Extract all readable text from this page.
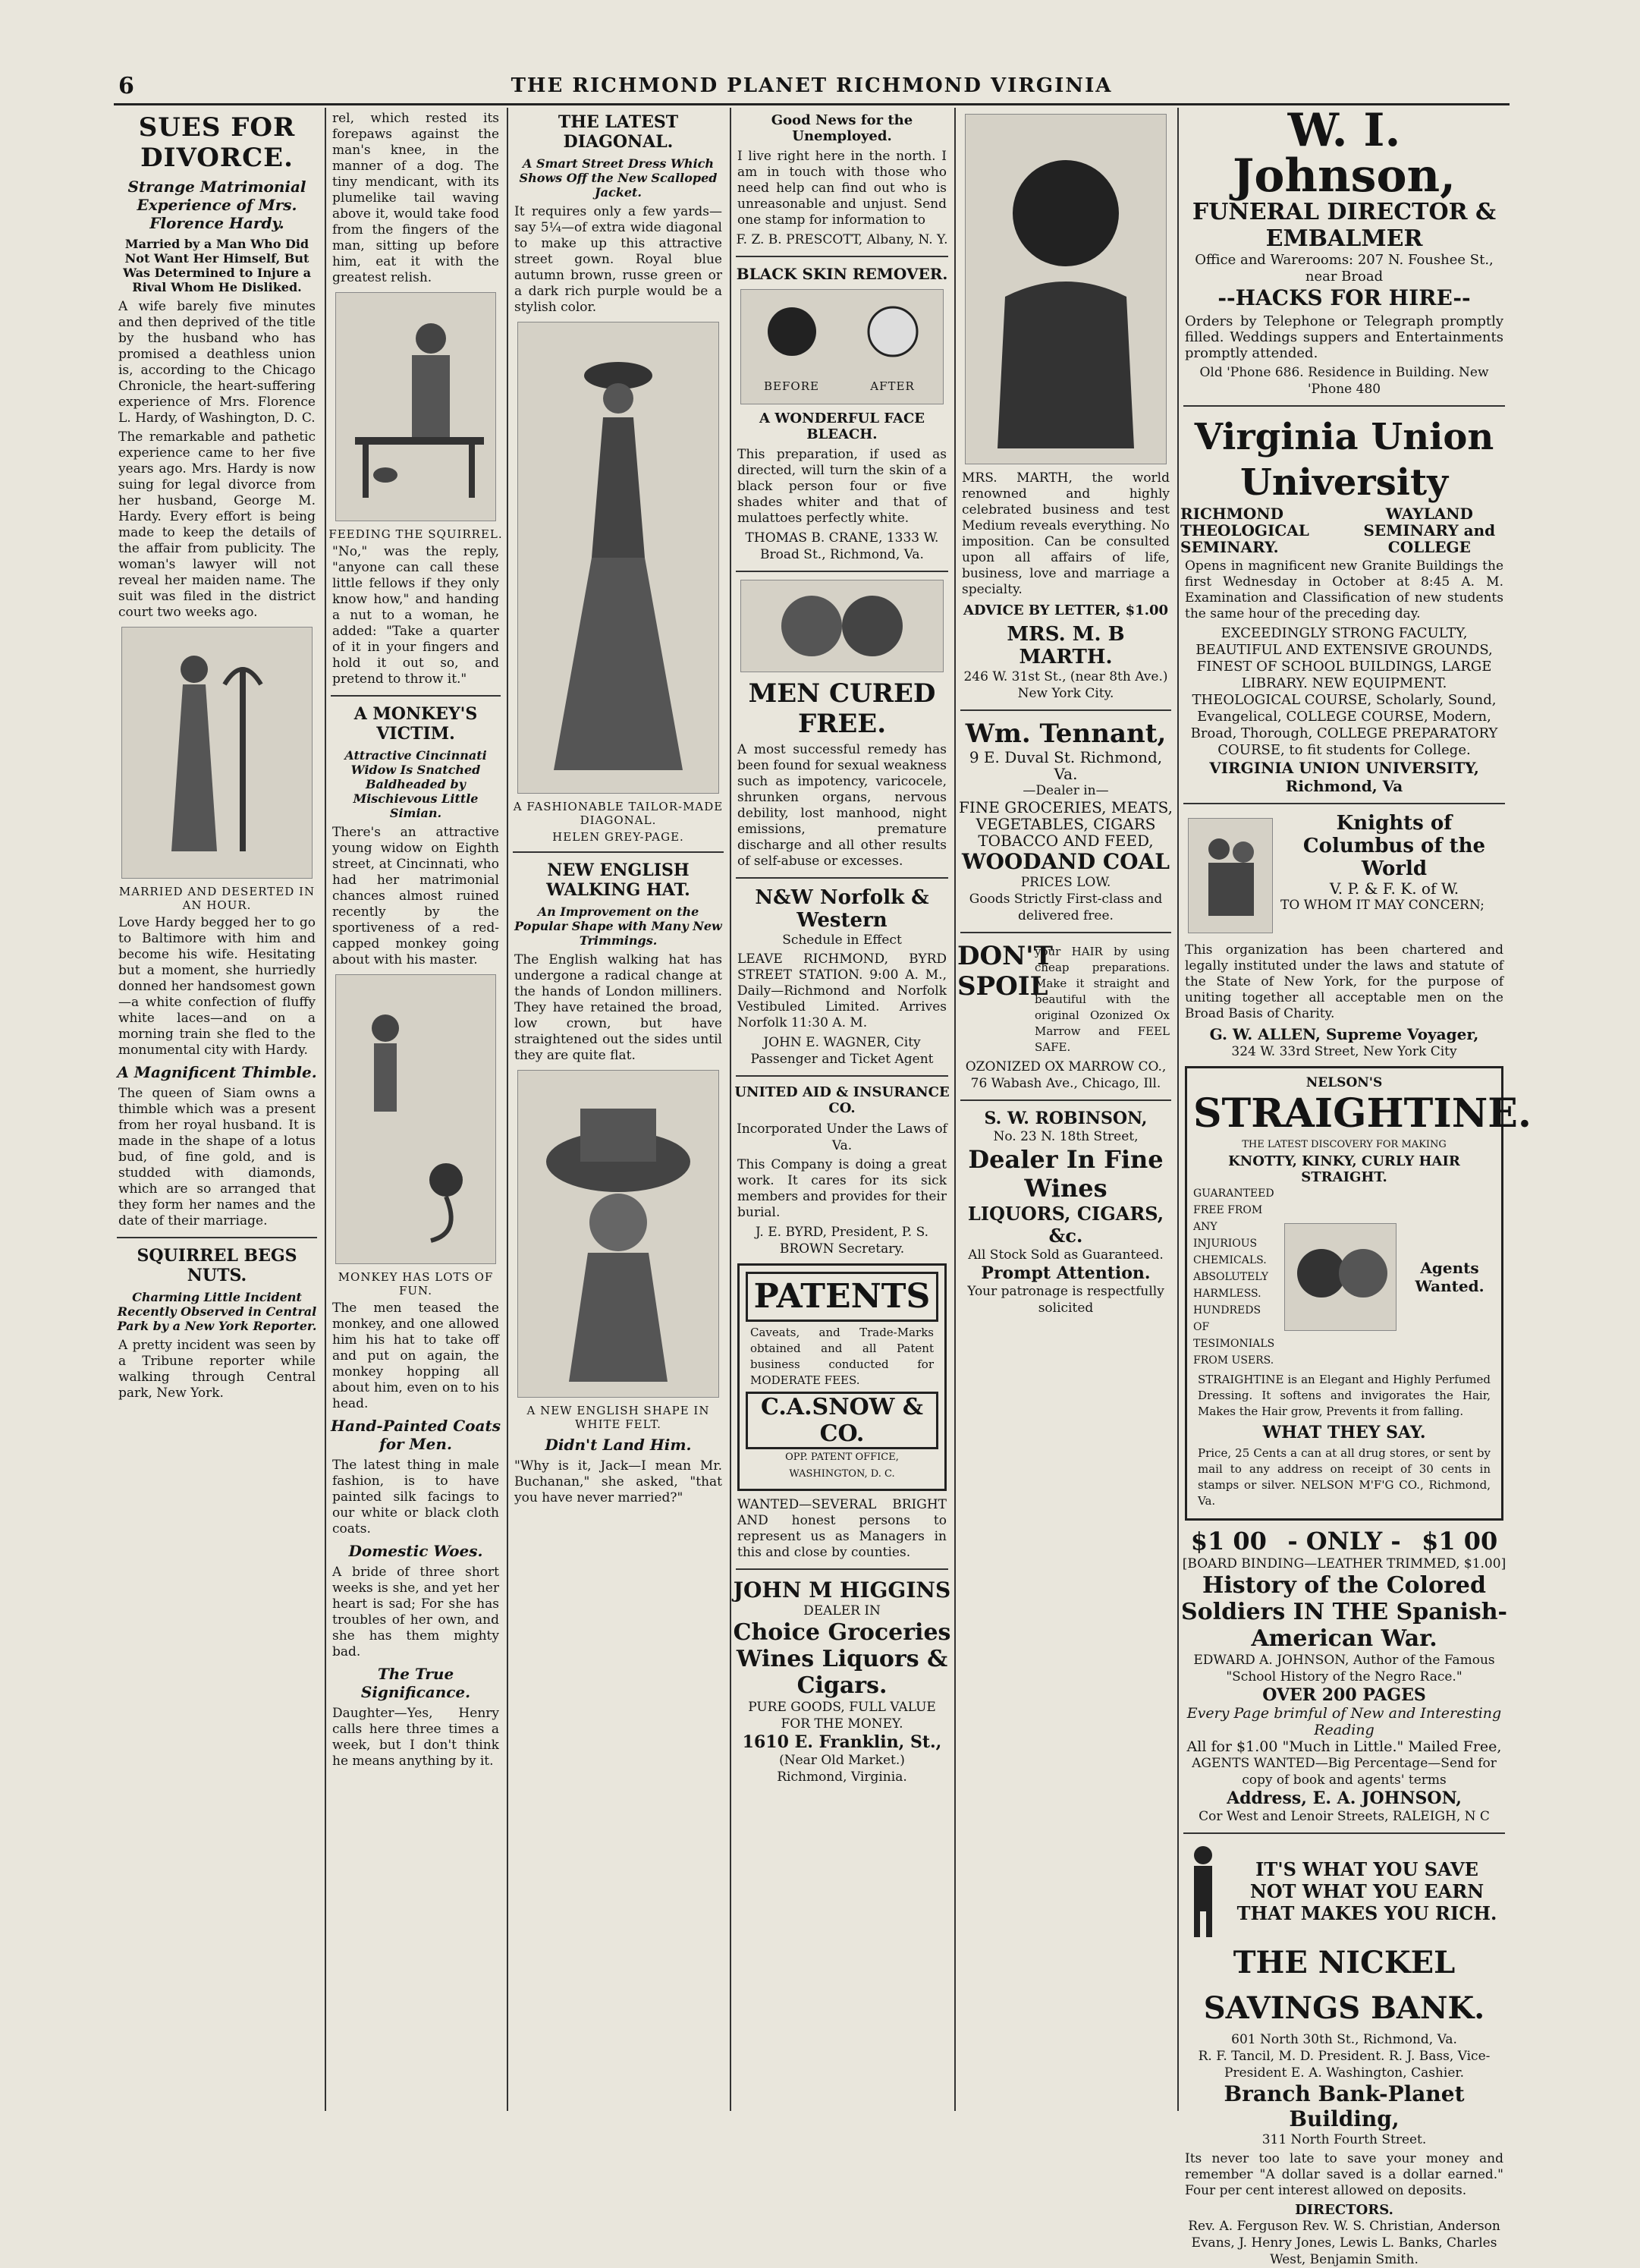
6	THE RICHMOND PLANET RICHMOND VIRGINIA
SUES FOR DIVORCE.
Strange Matrimonial Experience of Mrs. Florence Hardy.
Married by a Man Who Did Not Want Her Himself, But Was Determined to Injure a Rival Whom He Disliked.
A wife barely five minutes and then deprived of the title by the husband who has promised a deathless union is, according to the Chicago Chronicle, the heart-suffering experience of Mrs. Florence L. Hardy, of Washington, D. C.
The remarkable and pathetic experience came to her five years ago. Mrs. Hardy is now suing for legal divorce from her husband, George M. Hardy. Every effort is being made to keep the details of the affair from publicity. The woman's lawyer will not reveal her maiden name. The suit was filed in the district court two weeks ago.
MARRIED AND DESERTED IN AN HOUR.
Love Hardy begged her to go to Baltimore with him and become his wife. Hesitating but a moment, she hurriedly donned her handsomest gown—a white confection of fluffy white laces—and on a morning train she fled to the monumental city with Hardy.
A Magnificent Thimble.
The queen of Siam owns a thimble which was a present from her royal husband. It is made in the shape of a lotus bud, of fine gold, and is studded with diamonds, which are so arranged that they form her names and the date of their marriage.
SQUIRREL BEGS NUTS.
Charming Little Incident Recently Observed in Central Park by a New York Reporter.
A pretty incident was seen by a Tribune reporter while walking through Central park, New York.
rel, which rested its forepaws against the man's knee, in the manner of a dog. The tiny mendicant, with its plumelike tail waving above it, would take food from the fingers of the man, sitting up before him, eat it with the greatest relish.
FEEDING THE SQUIRREL.
"No," was the reply, "anyone can call these little fellows if they only know how," and handing a nut to a woman, he added: "Take a quarter of it in your fingers and hold it out so, and pretend to throw it."
A MONKEY'S VICTIM.
Attractive Cincinnati Widow Is Snatched Baldheaded by Mischievous Little Simian.
There's an attractive young widow on Eighth street, at Cincinnati, who had her matrimonial chances almost ruined recently by the sportiveness of a red-capped monkey going about with his master.
MONKEY HAS LOTS OF FUN.
The men teased the monkey, and one allowed him his hat to take off and put on again, the monkey hopping all about him, even on to his head.
Hand-Painted Coats for Men.
The latest thing in male fashion, is to have painted silk facings to our white or black cloth coats.
Domestic Woes.
A bride of three short weeks is she, and yet her heart is sad; For she has troubles of her own, and she has them mighty bad.
The True Significance.
Daughter—Yes, Henry calls here three times a week, but I don't think he means anything by it.
THE LATEST DIAGONAL.
A Smart Street Dress Which Shows Off the New Scalloped Jacket.
It requires only a few yards—say 5¼—of extra wide diagonal to make up this attractive street gown. Royal blue autumn brown, russe green or a dark rich purple would be a stylish color.
A FASHIONABLE TAILOR-MADE DIAGONAL.
HELEN GREY-PAGE.
NEW ENGLISH WALKING HAT.
An Improvement on the Popular Shape with Many New Trimmings.
The English walking hat has undergone a radical change at the hands of London milliners. They have retained the broad, low crown, but have straightened out the sides until they are quite flat.
A NEW ENGLISH SHAPE IN WHITE FELT.
Didn't Land Him.
"Why is it, Jack—I mean Mr. Buchanan," she asked, "that you have never married?"
Good News for the Unemployed.
I live right here in the north. I am in touch with those who need help can find out who is unreasonable and unjust. Send one stamp for information to
F. Z. B. PRESCOTT, Albany, N. Y.
BLACK SKIN REMOVER.
BEFORE	AFTER
A WONDERFUL FACE BLEACH.
This preparation, if used as directed, will turn the skin of a black person four or five shades whiter and that of mulattoes perfectly white.
THOMAS B. CRANE, 1333 W. Broad St., Richmond, Va.
MEN CURED FREE.
A most successful remedy has been found for sexual weakness such as impotency, varicocele, shrunken organs, nervous debility, lost manhood, night emissions, premature discharge and all other results of self-abuse or excesses.
N&W Norfolk & Western
Schedule in Effect
LEAVE RICHMOND, BYRD STREET STATION. 9:00 A. M., Daily—Richmond and Norfolk Vestibuled Limited. Arrives Norfolk 11:30 A. M.
JOHN E. WAGNER, City Passenger and Ticket Agent
UNITED AID & INSURANCE CO.
Incorporated Under the Laws of Va.
This Company is doing a great work. It cares for its sick members and provides for their burial.
J. E. BYRD, President, P. S. BROWN Secretary.
PATENTS
Caveats, and Trade-Marks obtained and all Patent business conducted for MODERATE FEES.
C.A.SNOW & CO.
OPP. PATENT OFFICE, WASHINGTON, D. C.
WANTED—SEVERAL BRIGHT AND honest persons to represent us as Managers in this and close by counties.
JOHN M HIGGINS
DEALER IN
Choice Groceries Wines Liquors & Cigars.
PURE GOODS, FULL VALUE FOR THE MONEY.
1610 E. Franklin, St.,
(Near Old Market.)
Richmond, Virginia.
MRS. MARTH, the world renowned and highly celebrated business and test Medium reveals everything. No imposition. Can be consulted upon all affairs of life, business, love and marriage a specialty.
ADVICE BY LETTER, $1.00
MRS. M. B MARTH.
246 W. 31st St., (near 8th Ave.) New York City.
Wm. Tennant,
9 E. Duval St. Richmond, Va.
—Dealer in—
FINE GROCERIES, MEATS, VEGETABLES, CIGARS TOBACCO AND FEED,
WOODAND COAL
PRICES LOW.
Goods Strictly First-class and delivered free.
DON'T
SPOIL
your HAIR by using cheap preparations. Make it straight and beautiful with the original Ozonized Ox Marrow and FEEL SAFE.
OZONIZED OX MARROW CO., 76 Wabash Ave., Chicago, Ill.
S. W. ROBINSON,
No. 23 N. 18th Street,
Dealer In Fine Wines
LIQUORS, CIGARS, &c.
All Stock Sold as Guaranteed.
Prompt Attention.
Your patronage is respectfully solicited
W. I. Johnson,
FUNERAL DIRECTOR & EMBALMER
Office and Warerooms: 207 N. Foushee St., near Broad
--HACKS FOR HIRE--
Orders by Telephone or Telegraph promptly filled. Weddings suppers and Entertainments promptly attended.
Old 'Phone 686. Residence in Building. New 'Phone 480
Virginia Union University
RICHMOND THEOLOGICAL SEMINARY.
WAYLAND SEMINARY and COLLEGE
Opens in magnificent new Granite Buildings the first Wednesday in October at 8:45 A. M. Examination and Classification of new students the same hour of the preceding day.
EXCEEDINGLY STRONG FACULTY, BEAUTIFUL AND EXTENSIVE GROUNDS, FINEST OF SCHOOL BUILDINGS, LARGE LIBRARY. NEW EQUIPMENT.
THEOLOGICAL COURSE, Scholarly, Sound, Evangelical, COLLEGE COURSE, Modern, Broad, Thorough, COLLEGE PREPARATORY COURSE, to fit students for College.
VIRGINIA UNION UNIVERSITY, Richmond, Va
Knights of Columbus of the World
V. P. & F. K. of W.
TO WHOM IT MAY CONCERN;
This organization has been chartered and legally instituted under the laws and statute of the State of New York, for the purpose of uniting together all acceptable men on the Broad Basis of Charity.
G. W. ALLEN, Supreme Voyager,
324 W. 33rd Street, New York City
NELSON'S
STRAIGHTINE.
THE LATEST DISCOVERY FOR MAKING
KNOTTY, KINKY, CURLY HAIR STRAIGHT.
GUARANTEED FREE FROM ANY INJURIOUS CHEMICALS. ABSOLUTELY HARMLESS. HUNDREDS OF TESIMONIALS FROM USERS.
Agents Wanted.
STRAIGHTINE is an Elegant and Highly Perfumed Dressing. It softens and invigorates the Hair, Makes the Hair grow, Prevents it from falling.
WHAT THEY SAY.
Price, 25 Cents a can at all drug stores, or sent by mail to any address on receipt of 30 cents in stamps or silver. NELSON M'F'G CO., Richmond, Va.
$1 00 - ONLY - $1 00
[BOARD BINDING—LEATHER TRIMMED, $1.00]
History of the Colored Soldiers IN THE Spanish-American War.
EDWARD A. JOHNSON, Author of the Famous "School History of the Negro Race."
OVER 200 PAGES
Every Page brimful of New and Interesting Reading
All for $1.00 "Much in Little." Mailed Free,
AGENTS WANTED—Big Percentage—Send for copy of book and agents' terms
Address, E. A. JOHNSON,
Cor West and Lenoir Streets, RALEIGH, N C
IT'S WHAT YOU SAVE
NOT WHAT YOU EARN
THAT MAKES YOU RICH.
THE NICKEL SAVINGS BANK.
601 North 30th St., Richmond, Va.
R. F. Tancil, M. D. President. R. J. Bass, Vice-President E. A. Washington, Cashier.
Branch Bank-Planet Building,
311 North Fourth Street.
Its never too late to save your money and remember "A dollar saved is a dollar earned." Four per cent interest allowed on deposits.
DIRECTORS.
Rev. A. Ferguson Rev. W. S. Christian, Anderson Evans, J. Henry Jones, Lewis L. Banks, Charles West, Benjamin Smith.
